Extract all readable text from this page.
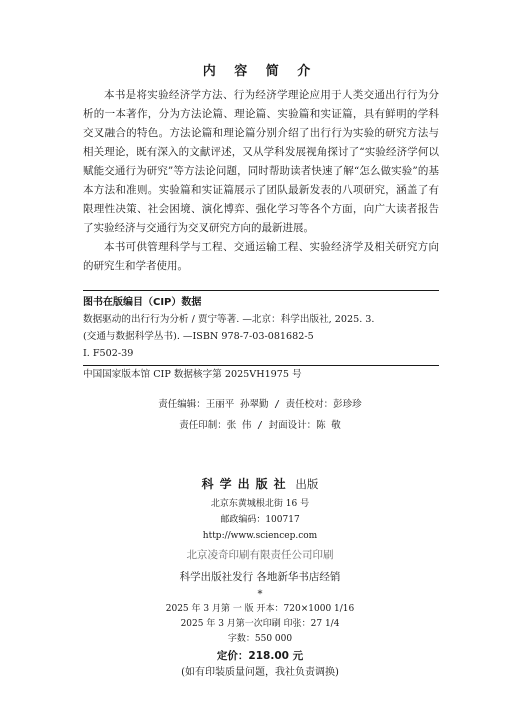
内 容 简 介

本书是将实验经济学方法、行为经济学理论应用于人类交通出行行为分析的一本著作，分为方法论篇、理论篇、实验篇和实证篇，具有鲜明的学科交叉融合的特色。方法论篇和理论篇分别介绍了出行行为实验的研究方法与相关理论，既有深入的文献评述，又从学科发展视角探讨了“实验经济学何以赋能交通行为研究”等方法论问题，同时帮助读者快速了解“怎么做实验”的基本方法和准则。实验篇和实证篇展示了团队最新发表的八项研究，涵盖了有限理性决策、社会困境、演化博弈、强化学习等各个方面，向广大读者报告了实验经济与交通行为交叉研究方向的最新进展。

本书可供管理科学与工程、交通运输工程、实验经济学及相关研究方向的研究生和学者使用。

图书在版编目（CIP）数据
数据驱动的出行行为分析 / 贾宁等著. —北京：科学出版社, 2025. 3.
(交通与数据科学丛书). —ISBN 978-7-03-081682-5
Ⅰ. F502-39
中国国家版本馆 CIP 数据核字第 2025VH1975 号
责任编辑：王丽平 孙翠勤 / 责任校对：彭珍珍
责任印制：张 伟 / 封面设计：陈 敬
科学出版社 出版
北京东黄城根北街 16 号
邮政编码：100717
http://www.sciencep.com
北京凌奇印刷有限责任公司印刷
科学出版社发行 各地新华书店经销
*
2025 年 3 月第 一 版 开本：720×1000 1/16
2025 年 3 月第一次印刷 印张：27 1/4
字数：550 000
定价：218.00 元
(如有印装质量问题，我社负责调换)
